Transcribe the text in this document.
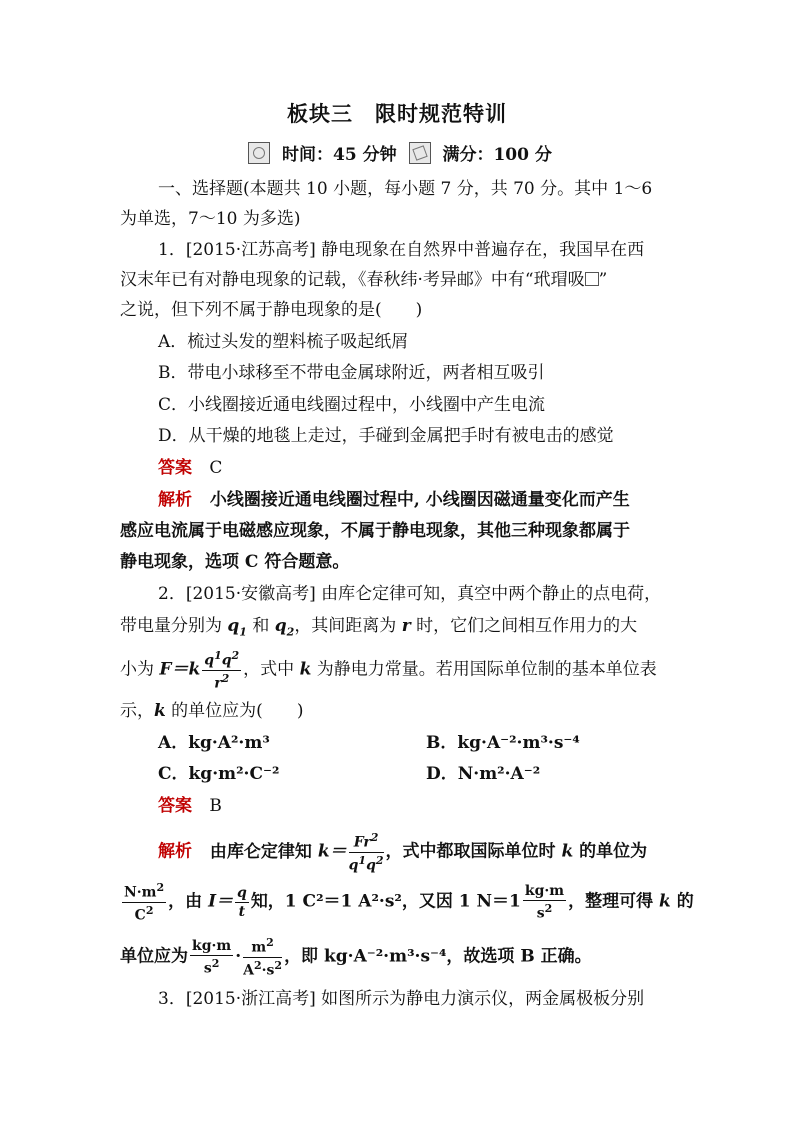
板块三　限时规范特训
时间：45 分钟	满分：100 分
一、选择题(本题共 10 小题，每小题 7 分，共 70 分。其中 1～6
为单选，7～10 为多选)
1．[2015·江苏高考] 静电现象在自然界中普遍存在，我国早在西
汉末年已有对静电现象的记载，《春秋纬·考异邮》中有“玳瑁吸 ”
之说，但下列不属于静电现象的是(　　)
A．梳过头发的塑料梳子吸起纸屑
B．带电小球移至不带电金属球附近，两者相互吸引
C．小线圈接近通电线圈过程中，小线圈中产生电流
D．从干燥的地毯上走过，手碰到金属把手时有被电击的感觉
答案 C
解析 小线圈接近通电线圈过程中, 小线圈因磁通量变化而产生
感应电流属于电磁感应现象，不属于静电现象，其他三种现象都属于
静电现象，选项 C 符合题意。
2．[2015·安徽高考] 由库仑定律可知，真空中两个静止的点电荷，
带电量分别为 $q_1$ 和 $q_2$，其间距离为 r 时，它们之间相互作用力的大
小为 $F=k \frac{q^1q^2}{r^2}$ ，式中 k 为静电力常量。若用国际单位制的基本单位表
示，k 的单位应为(　　)
A．kg·A²·m³	B．kg·A⁻²·m³·s⁻⁴
C．kg·m²·C⁻²	D．N·m²·A⁻²
答案 B
解析 由库仑定律知 $k= \frac{Fr^2}{q^1q^2}$ ，式中都取国际单位时 k 的单位为
$\frac{N\cdot m^2}{C^2}$ ，由 $I= \frac{q}{t}$ 知，1 C²＝1 A²·s²，又因 1 $N=1 \frac{kg\cdot m}{s^2}$ ，整理可得 k 的
单位应为 $\frac{kg\cdot m}{s^2} \cdot \frac{m^2}{A^2\cdot s^2}$ ，即 kg·A⁻²·m³·s⁻⁴，故选项 B 正确。
3．[2015·浙江高考] 如图所示为静电力演示仪，两金属极板分别
